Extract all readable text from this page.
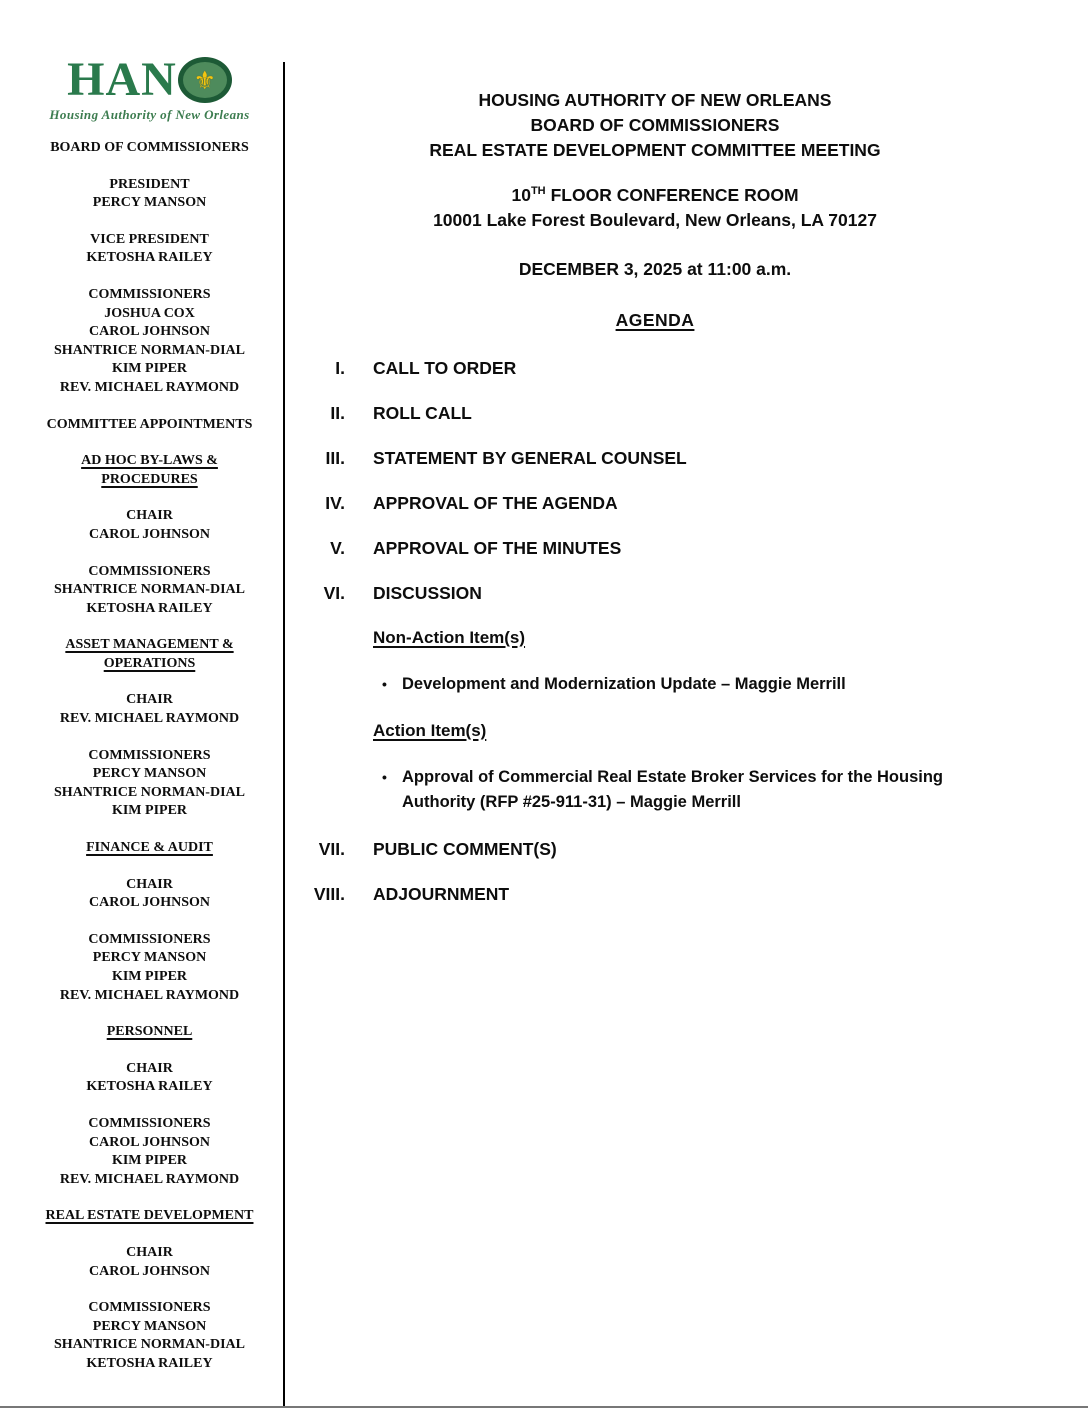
HAN ⚜
Housing Authority of New Orleans
BOARD OF COMMISSIONERS
PRESIDENT
PERCY MANSON
VICE PRESIDENT
KETOSHA RAILEY
COMMISSIONERS
JOSHUA COX
CAROL JOHNSON
SHANTRICE NORMAN-DIAL
KIM PIPER
REV. MICHAEL RAYMOND
COMMITTEE APPOINTMENTS
AD HOC BY-LAWS &
PROCEDURES
CHAIR
CAROL JOHNSON
COMMISSIONERS
SHANTRICE NORMAN-DIAL
KETOSHA RAILEY
ASSET MANAGEMENT &
OPERATIONS
CHAIR
REV. MICHAEL RAYMOND
COMMISSIONERS
PERCY MANSON
SHANTRICE NORMAN-DIAL
KIM PIPER
FINANCE & AUDIT
CHAIR
CAROL JOHNSON
COMMISSIONERS
PERCY MANSON
KIM PIPER
REV. MICHAEL RAYMOND
PERSONNEL
CHAIR
KETOSHA RAILEY
COMMISSIONERS
CAROL JOHNSON
KIM PIPER
REV. MICHAEL RAYMOND
REAL ESTATE DEVELOPMENT
CHAIR
CAROL JOHNSON
COMMISSIONERS
PERCY MANSON
SHANTRICE NORMAN-DIAL
KETOSHA RAILEY
HOUSING AUTHORITY OF NEW ORLEANS
BOARD OF COMMISSIONERS
REAL ESTATE DEVELOPMENT COMMITTEE MEETING
10TH FLOOR CONFERENCE ROOM
10001 Lake Forest Boulevard, New Orleans, LA 70127
DECEMBER 3, 2025 at 11:00 a.m.
AGENDA
I. CALL TO ORDER
II. ROLL CALL
III. STATEMENT BY GENERAL COUNSEL
IV. APPROVAL OF THE AGENDA
V. APPROVAL OF THE MINUTES
VI. DISCUSSION
Non-Action Item(s)
• Development and Modernization Update – Maggie Merrill
Action Item(s)
• Approval of Commercial Real Estate Broker Services for the Housing Authority (RFP #25-911-31) – Maggie Merrill
VII. PUBLIC COMMENT(S)
VIII. ADJOURNMENT
